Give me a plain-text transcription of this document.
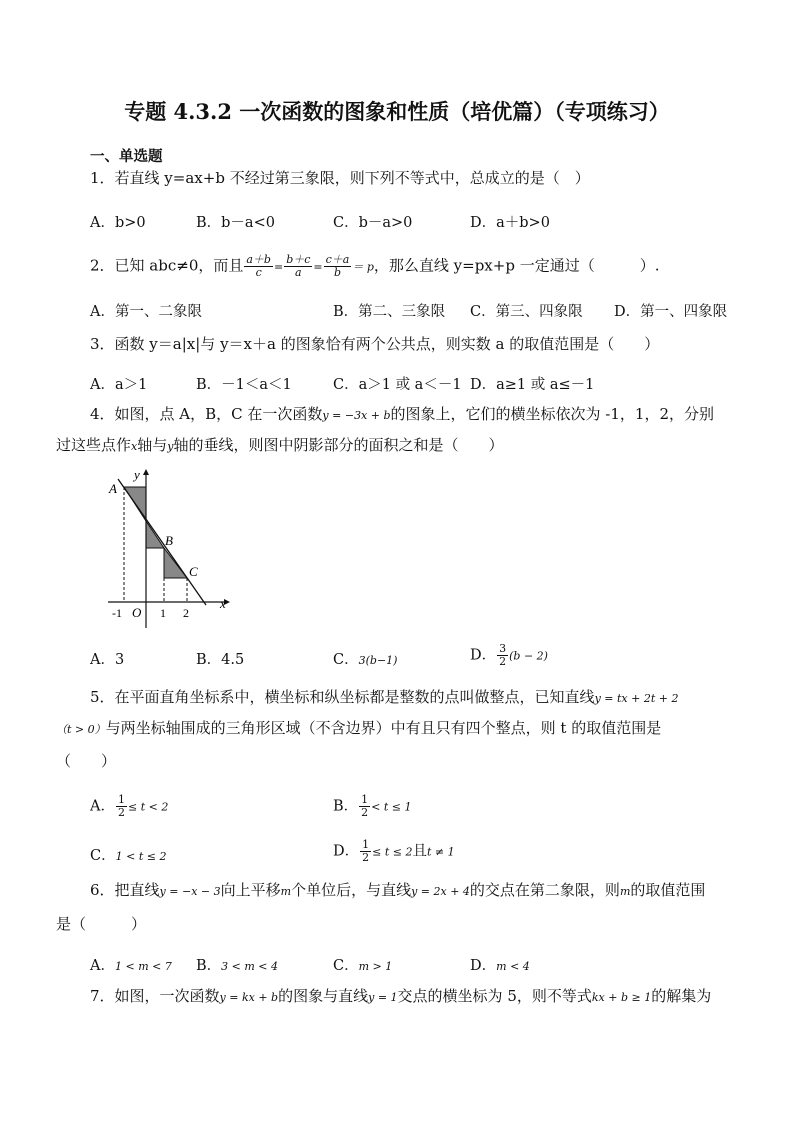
专题 4.3.2 一次函数的图象和性质（培优篇）（专项练习）
一、单选题
1．若直线 y=ax+b 不经过第三象限，则下列不等式中，总成立的是（　）
A．b>0	B．b－a<0	C．b－a>0	D．a＋b>0
2．已知 abc≠0，而且 $\frac{a+b}{c} = \frac{b+c}{a} = \frac{c+a}{b} = p$，那么直线 y=px+p 一定通过（　　　）.
A．第一、二象限	B．第二、三象限 C．第三、四象限 D．第一、四象限
3．函数 y＝a|x|与 y＝x＋a 的图象恰有两个公共点，则实数 a 的取值范围是（　　）
A．a＞1	B．－1＜a＜1	C．a＞1 或 a＜－1 D．a≥1 或 a≤－1
4．如图，点 A，B，C 在一次函数y = −3x + b的图象上，它们的横坐标依次为 -1，1，2，分别
过这些点作x轴与y轴的垂线，则图中阴影部分的面积之和是（　　）
y
x
O
A
B
C
-1	1 2
A．3	B．4.5	C．3(b−1)	D． $\frac{3}{2} (b - 2)$
5．在平面直角坐标系中，横坐标和纵坐标都是整数的点叫做整点，已知直线y = tx + 2t + 2
（t > 0）与两坐标轴围成的三角形区域（不含边界）中有且只有四个整点，则 t 的取值范围是
（　　）
A． $\frac{1}{2} \le t < 2$	B． $\frac{1}{2} < t \le 1$
C．1 < t ≤ 2	D． $\frac{1}{2} \le t \le 2$且t ≠ 1
6．把直线y = −x − 3向上平移m个单位后，与直线y = 2x + 4的交点在第二象限，则m的取值范围
是（　　　）
A．1 < m < 7 B．3 < m < 4	C．m > 1	D．m < 4
7．如图，一次函数y = kx + b的图象与直线y = 1交点的横坐标为 5，则不等式kx + b ≥ 1的解集为
